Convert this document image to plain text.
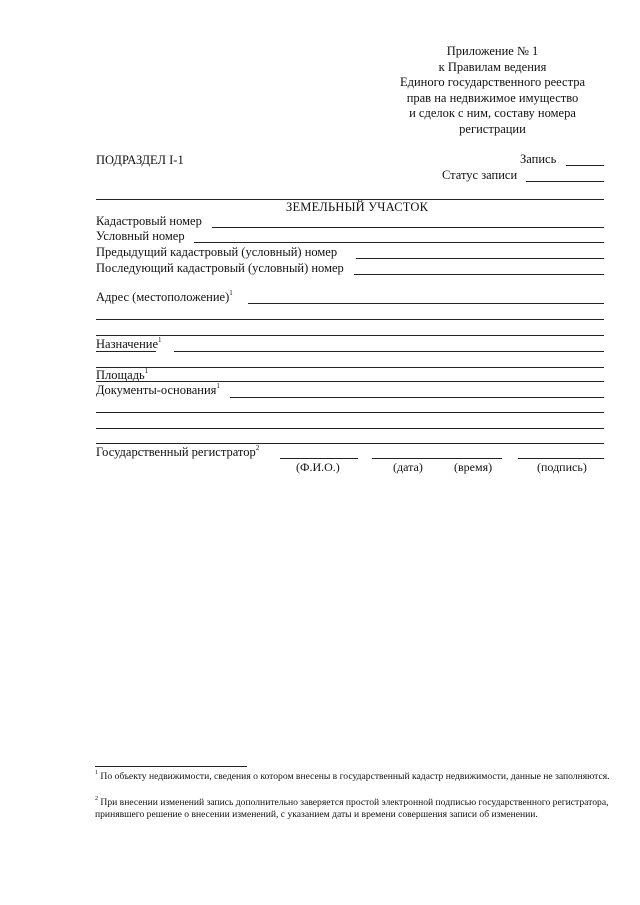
Приложение № 1
к Правилам ведения
Единого государственного реестра
прав на недвижимое имущество
и сделок с ним, составу номера
регистрации
ПОДРАЗДЕЛ I-1	Запись
Статус записи
ЗЕМЕЛЬНЫЙ УЧАСТОК
Кадастровый номер
Условный номер
Предыдущий кадастровый (условный) номер
Последующий кадастровый (условный) номер
Адрес (местоположение)$^1$
Назначение$^1$
Площадь$^1$
Документы-основания$^1$
Государственный регистратор$^2$
(Ф.И.О.)	(дата)	(время)	(подпись)
$^1$ По объекту недвижимости, сведения о котором внесены в государственный кадастр недвижимости, данные не заполняются.
$^2$ При внесении изменений запись дополнительно заверяется простой электронной подписью государственного регистратора, принявшего решение о внесении изменений, с указанием даты и времени совершения записи об изменении.
